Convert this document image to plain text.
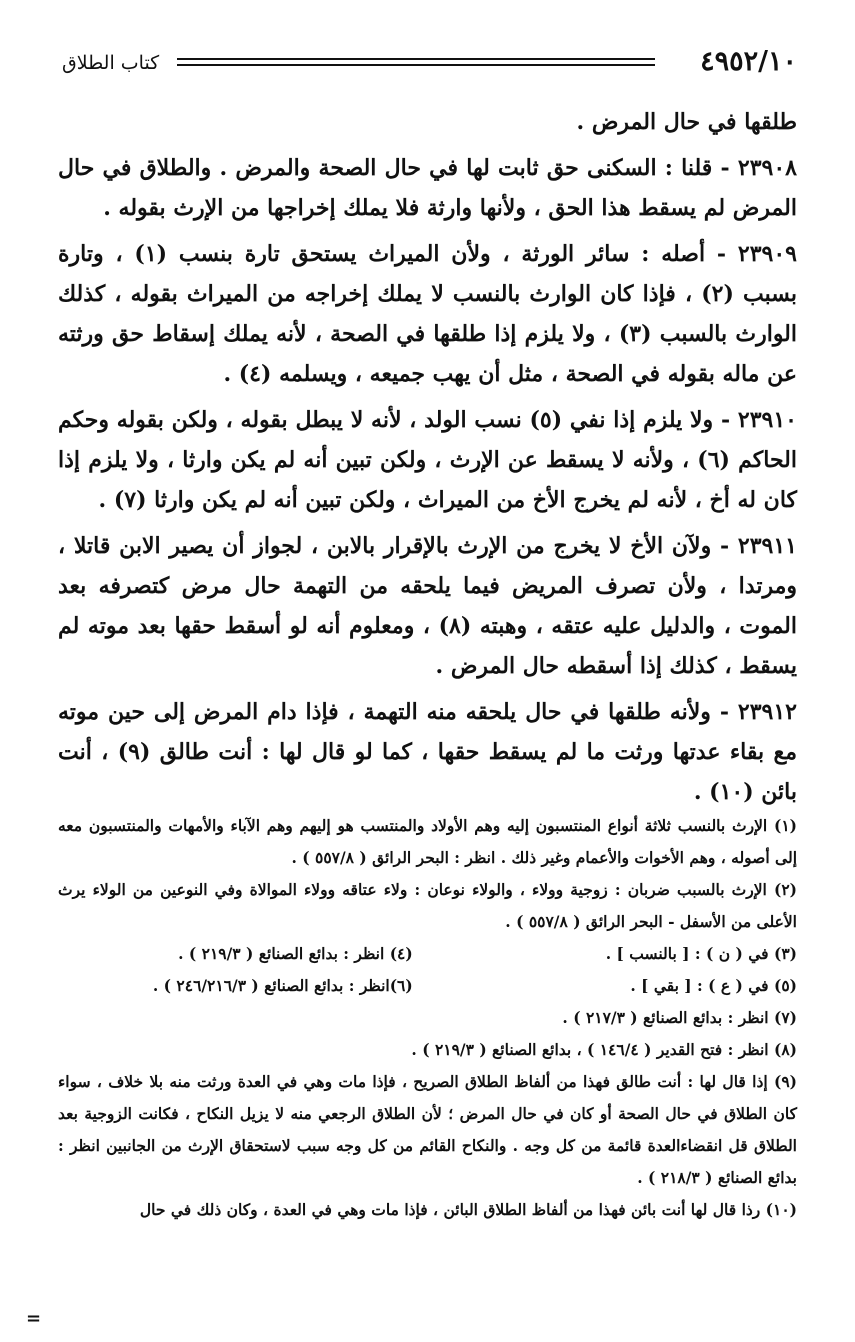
٤٩٥٢/١٠
كتاب الطلاق

طلقها في حال المرض .

٢٣٩٠٨ - قلنا : السكنى حق ثابت لها في حال الصحة والمرض . والطلاق في حال المرض لم يسقط هذا الحق ، ولأنها وارثة فلا يملك إخراجها من الإرث بقوله .

٢٣٩٠٩ - أصله : سائر الورثة ، ولأن الميراث يستحق تارة بنسب (١) ، وتارة بسبب (٢) ، فإذا كان الوارث بالنسب لا يملك إخراجه من الميراث بقوله ، كذلك الوارث بالسبب (٣) ، ولا يلزم إذا طلقها في الصحة ، لأنه يملك إسقاط حق ورثته عن ماله بقوله في الصحة ، مثل أن يهب جميعه ، ويسلمه (٤) .

٢٣٩١٠ - ولا يلزم إذا نفي (٥) نسب الولد ، لأنه لا يبطل بقوله ، ولكن بقوله وحكم الحاكم (٦) ، ولأنه لا يسقط عن الإرث ، ولكن تبين أنه لم يكن وارثا ، ولا يلزم إذا كان له أخ ، لأنه لم يخرج الأخ من الميراث ، ولكن تبين أنه لم يكن وارثا (٧) .

٢٣٩١١ - ولآن الأخ لا يخرج من الإرث بالإقرار بالابن ، لجواز أن يصير الابن قاتلا ، ومرتدا ، ولأن تصرف المريض فيما يلحقه من التهمة حال مرض كتصرفه بعد الموت ، والدليل عليه عتقه ، وهبته (٨) ، ومعلوم أنه لو أسقط حقها بعد موته لم يسقط ، كذلك إذا أسقطه حال المرض .

٢٣٩١٢ - ولأنه طلقها في حال يلحقه منه التهمة ، فإذا دام المرض إلى حين موته مع بقاء عدتها ورثت ما لم يسقط حقها ، كما لو قال لها : أنت طالق (٩) ، أنت بائن (١٠) .

(١) الإرث بالنسب ثلاثة أنواع المنتسبون إليه وهم الأولاد والمنتسب هو إليهم وهم الآباء والأمهات والمنتسبون معه إلى أصوله ، وهم الأخوات والأعمام وغير ذلك . انظر : البحر الرائق ( ٥٥٧/٨ ) .

(٢) الإرث بالسبب ضربان : زوجية وولاء ، والولاء نوعان : ولاء عتاقه وولاء الموالاة وفي النوعين من الولاء يرث الأعلى من الأسفل - البحر الرائق ( ٥٥٧/٨ ) .

(٣) في ( ن ) : [ بالنسب ] .

(٤) انظر : بدائع الصنائع ( ٢١٩/٣ ) .

(٥) في ( ع ) : [ بقي ] .

(٦)انظر : بدائع الصنائع ( ٢٤٦/٢١٦/٣ ) .

(٧) انظر : بدائع الصنائع ( ٢١٧/٣ ) .

(٨) انظر : فتح القدير ( ١٤٦/٤ ) ، بدائع الصنائع ( ٢١٩/٣ ) .

(٩) إذا قال لها : أنت طالق فهذا من ألفاظ الطلاق الصريح ، فإذا مات وهي في العدة ورثت منه بلا خلاف ، سواء كان الطلاق في حال الصحة أو كان في حال المرض ؛ لأن الطلاق الرجعي منه لا يزيل النكاح ، فكانت الزوجية بعد الطلاق قل انقضاءالعدة قائمة من كل وجه . والنكاح القائم من كل وجه سبب لاستحقاق الإرث من الجانبين انظر : بدائع الصنائع ( ٢١٨/٣ ) .

(١٠) رذا قال لها أنت بائن فهذا من ألفاظ الطلاق البائن ، فإذا مات وهي في العدة ، وكان ذلك في حال

=
